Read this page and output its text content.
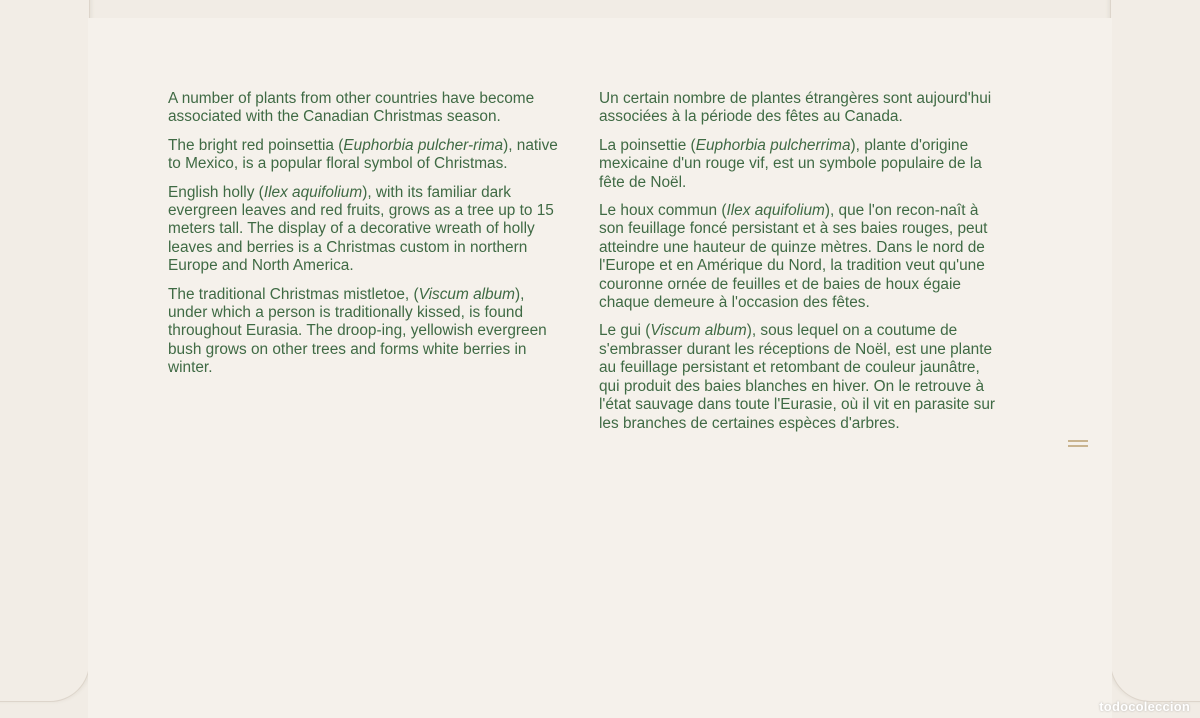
A number of plants from other countries have become associated with the Canadian Christmas season.

The bright red poinsettia (Euphorbia pulcher-rima), native to Mexico, is a popular floral symbol of Christmas.

English holly (Ilex aquifolium), with its familiar dark evergreen leaves and red fruits, grows as a tree up to 15 meters tall. The display of a decorative wreath of holly leaves and berries is a Christmas custom in northern Europe and North America.

The traditional Christmas mistletoe, (Viscum album), under which a person is traditionally kissed, is found throughout Eurasia. The droop-ing, yellowish evergreen bush grows on other trees and forms white berries in winter.

Un certain nombre de plantes étrangères sont aujourd'hui associées à la période des fêtes au Canada.

La poinsettie (Euphorbia pulcherrima), plante d'origine mexicaine d'un rouge vif, est un symbole populaire de la fête de Noël.

Le houx commun (Ilex aquifolium), que l'on recon-naît à son feuillage foncé persistant et à ses baies rouges, peut atteindre une hauteur de quinze mètres. Dans le nord de l'Europe et en Amérique du Nord, la tradition veut qu'une couronne ornée de feuilles et de baies de houx égaie chaque demeure à l'occasion des fêtes.

Le gui (Viscum album), sous lequel on a coutume de s'embrasser durant les réceptions de Noël, est une plante au feuillage persistant et retombant de couleur jaunâtre, qui produit des baies blanches en hiver. On le retrouve à l'état sauvage dans toute l'Eurasie, où il vit en parasite sur les branches de certaines espèces d'arbres.

todocoleccion
